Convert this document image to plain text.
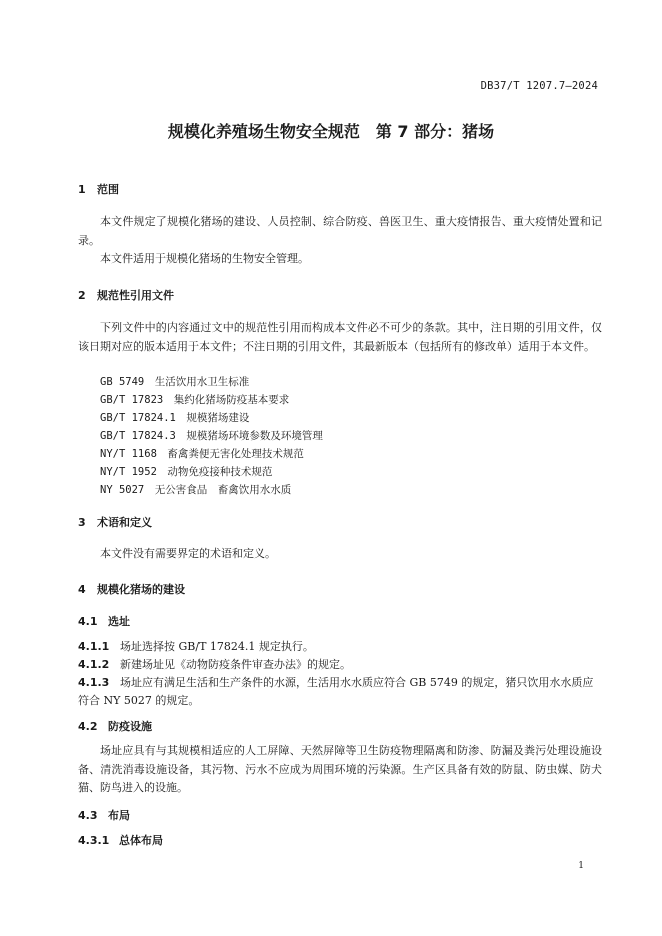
DB37/T 1207.7—2024
规模化养殖场生物安全规范　第 7 部分：猪场
1 范围

本文件规定了规模化猪场的建设、人员控制、综合防疫、兽医卫生、重大疫情报告、重大疫情处置和记录。

本文件适用于规模化猪场的生物安全管理。

2 规范性引用文件

下列文件中的内容通过文中的规范性引用而构成本文件必不可少的条款。其中，注日期的引用文件，仅该日期对应的版本适用于本文件；不注日期的引用文件，其最新版本（包括所有的修改单）适用于本文件。

GB 5749　 生活饮用水卫生标准
GB/T 17823　 集约化猪场防疫基本要求
GB/T 17824.1　 规模猪场建设
GB/T 17824.3　 规模猪场环境参数及环境管理
NY/T 1168　 畜禽粪便无害化处理技术规范
NY/T 1952　 动物免疫接种技术规范
NY 5027　 无公害食品　畜禽饮用水水质
3 术语和定义

本文件没有需要界定的术语和定义。

4 规模化猪场的建设
4.1 选址
4.1.1 场址选择按 GB/T 17824.1 规定执行。
4.1.2 新建场址见《动物防疫条件审查办法》的规定。
4.1.3 场址应有满足生活和生产条件的水源，生活用水水质应符合 GB 5749 的规定，猪只饮用水水质应符合 NY 5027 的规定。
4.2 防疫设施

场址应具有与其规模相适应的人工屏障、天然屏障等卫生防疫物理隔离和防渗、防漏及粪污处理设施设备、清洗消毒设施设备，其污物、污水不应成为周围环境的污染源。生产区具备有效的防鼠、防虫媒、防犬猫、防鸟进入的设施。

4.3 布局
4.3.1 总体布局
1
